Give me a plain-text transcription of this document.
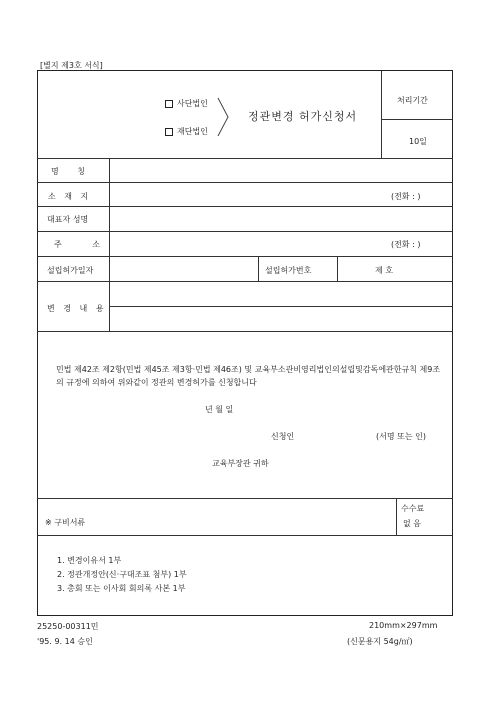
[별지 제3호 서식]
사단법인
재단법인
정관변경 허가신청서
처리기간
10일
명 칭
소 재 지	(전화 : )
대표자 성명
주 소	(전화 : )
설립허가일자	설립허가번호	제 호
변 경 내 용
민법 제42조 제2항(민법 제45조 제3항·민법 제46조) 및 교육부소관비영리법인의설립및감독에관한규칙 제9조의 규정에 의하여 위와같이 정관의 변경허가를 신청합니다
년 월 일
신청인	(서명 또는 인)
교육부장관 귀하
※ 구비서류
수수료
없 음
1. 변경이유서 1부
2. 정관개정안(신·구대조표 첨부) 1부
3. 총회 또는 이사회 회의록 사본 1부
25250-00311민
'95. 9. 14 승인
210mm×297mm
(신문용지 54g/㎡)
